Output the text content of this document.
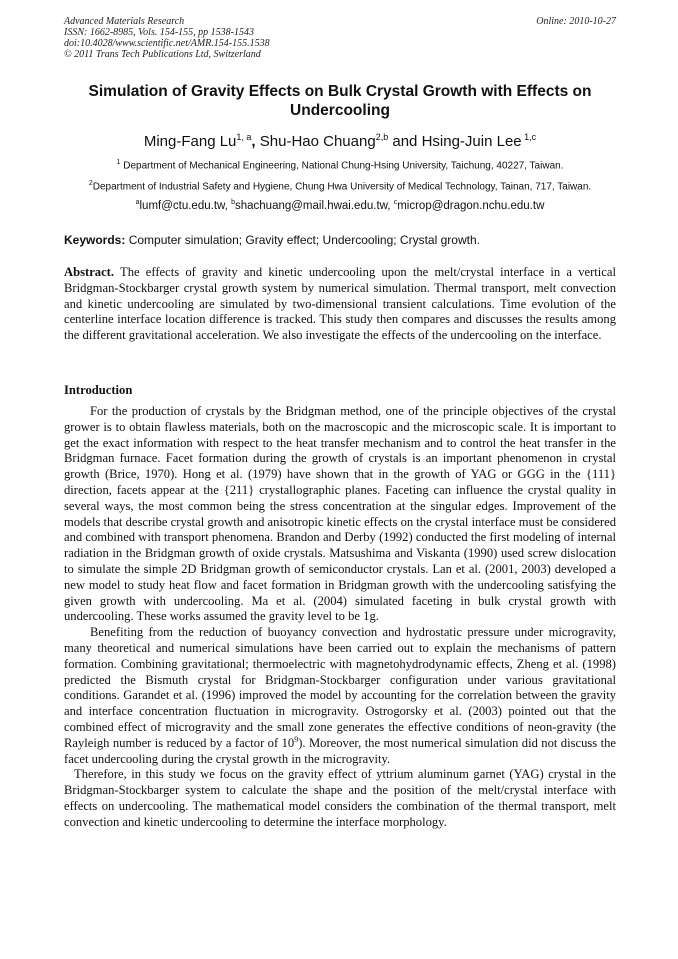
Advanced Materials Research
ISSN: 1662-8985, Vols. 154-155, pp 1538-1543
doi:10.4028/www.scientific.net/AMR.154-155.1538
© 2011 Trans Tech Publications Ltd, Switzerland
Online: 2010-10-27
Simulation of Gravity Effects on Bulk Crystal Growth with Effects on Undercooling
Ming-Fang Lu$^{1, a}$, Shu-Hao Chuang$^{2,b}$ and Hsing-Juin Lee $^{1,c}$
$^1$ Department of Mechanical Engineering, National Chung-Hsing University, Taichung, 40227, Taiwan.
$^2$Department of Industrial Safety and Hygiene, Chung Hwa University of Medical Technology, Tainan, 717, Taiwan.
$^a$lumf@ctu.edu.tw, $^b$shachuang@mail.hwai.edu.tw, $^c$microp@dragon.nchu.edu.tw
Keywords: Computer simulation; Gravity effect; Undercooling; Crystal growth.

Abstract. The effects of gravity and kinetic undercooling upon the melt/crystal interface in a vertical Bridgman-Stockbarger crystal growth system by numerical simulation. Thermal transport, melt convection and kinetic undercooling are simulated by two-dimensional transient calculations. Time evolution of the centerline interface location difference is tracked. This study then compares and discusses the results among the different gravitational acceleration. We also investigate the effects of the undercooling on the interface.

Introduction

For the production of crystals by the Bridgman method, one of the principle objectives of the crystal grower is to obtain flawless materials, both on the macroscopic and the microscopic scale. It is important to get the exact information with respect to the heat transfer mechanism and to control the heat transfer in the Bridgman furnace. Facet formation during the growth of crystals is an important phenomenon in crystal growth (Brice, 1970). Hong et al. (1979) have shown that in the growth of YAG or GGG in the {111} direction, facets appear at the {211} crystallographic planes. Faceting can influence the crystal quality in several ways, the most common being the stress concentration at the singular edges. Improvement of the models that describe crystal growth and anisotropic kinetic effects on the crystal interface must be considered and combined with transport phenomena. Brandon and Derby (1992) conducted the first modeling of internal radiation in the Bridgman growth of oxide crystals. Matsushima and Viskanta (1990) used screw dislocation to simulate the simple 2D Bridgman growth of semiconductor crystals. Lan et al. (2001, 2003) developed a new model to study heat flow and facet formation in Bridgman growth with the undercooling satisfying the given growth with undercooling. Ma et al. (2004) simulated faceting in bulk crystal growth with undercooling. These works assumed the gravity level to be 1g.

Benefiting from the reduction of buoyancy convection and hydrostatic pressure under microgravity, many theoretical and numerical simulations have been carried out to explain the mechanisms of pattern formation. Combining gravitational; thermoelectric with magnetohydrodynamic effects, Zheng et al. (1998) predicted the Bismuth crystal for Bridgman-Stockbarger configuration under various gravitational conditions. Garandet et al. (1996) improved the model by accounting for the correlation between the gravity and interface concentration fluctuation in microgravity. Ostrogorsky et al. (2003) pointed out that the combined effect of microgravity and the small zone generates the effective conditions of neon-gravity (the Rayleigh number is reduced by a factor of $10^9$). Moreover, the most numerical simulation did not discuss the facet undercooling during the crystal growth in the microgravity.

Therefore, in this study we focus on the gravity effect of yttrium aluminum garnet (YAG) crystal in the Bridgman-Stockbarger system to calculate the shape and the position of the melt/crystal interface with effects on undercooling. The mathematical model considers the combination of the thermal transport, melt convection and kinetic undercooling to determine the interface morphology.
